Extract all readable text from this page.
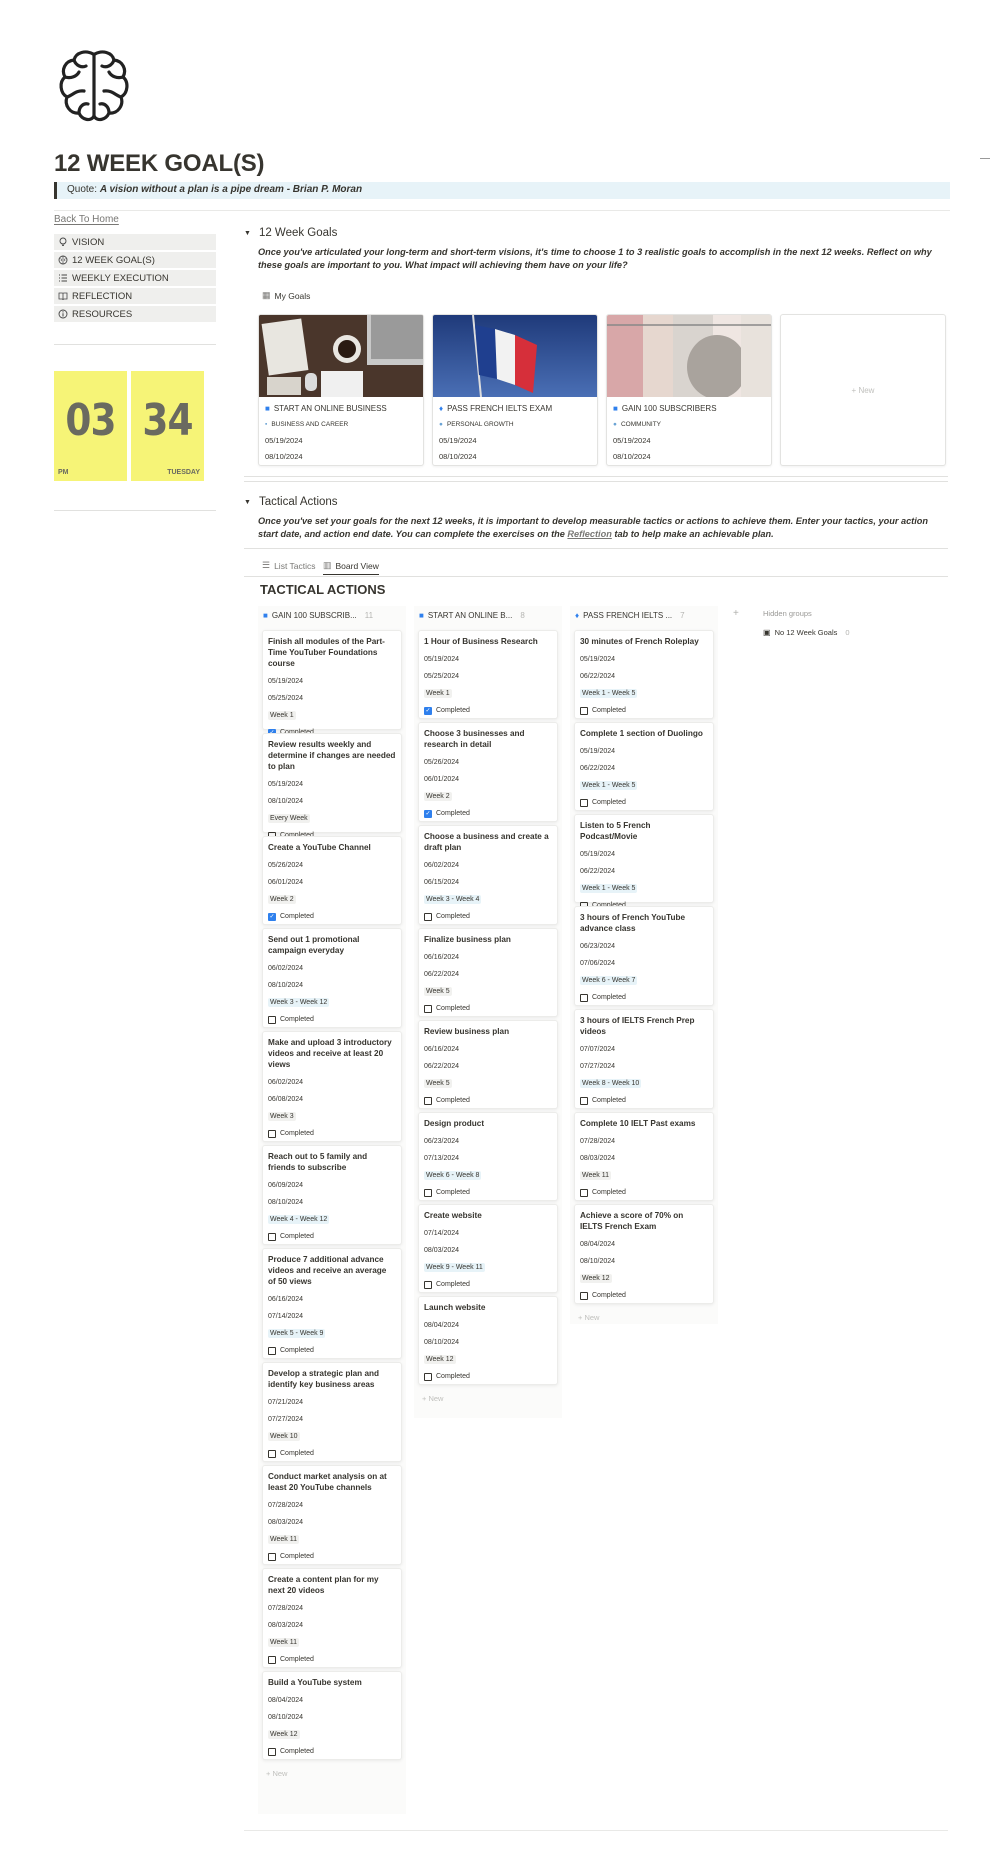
12 WEEK GOAL(S)
Quote: A vision without a plan is a pipe dream - Brian P. Moran
Back To Home
VISION
12 WEEK GOAL(S)
WEEKLY EXECUTION
REFLECTION
RESOURCES
03
PM
34
TUESDAY
▼ 12 Week Goals
Once you've articulated your long-term and short-term visions, it's time to choose 1 to 3 realistic goals to accomplish in the next 12 weeks. Reflect on why these goals are important to you. What impact will achieving them have on your life?
▦ My Goals
■ START AN ONLINE BUSINESS
▪ BUSINESS AND CAREER
05/19/2024
08/10/2024
♦ PASS FRENCH IELTS EXAM
● PERSONAL GROWTH
05/19/2024
08/10/2024
■ GAIN 100 SUBSCRIBERS
● COMMUNITY
05/19/2024
08/10/2024
+ New
▼ Tactical Actions
Once you've set your goals for the next 12 weeks, it is important to develop measurable tactics or actions to achieve them. Enter your tactics, your action start date, and action end date. You can complete the exercises on the Reflection tab to help make an achievable plan.
☰ List Tactics ▥ Board View
TACTICAL ACTIONS
■ GAIN 100 SUBSCRIB... 11	■ START AN ONLINE B... 8	♦ PASS FRENCH IELTS ... 7	+	Hidden groups
▣ No 12 Week Goals 0
Finish all modules of the Part-Time YouTuber Foundations course
05/19/2024
05/25/2024
Week 1
Review results weekly and determine if changes are needed to plan
05/19/2024
08/10/2024
Every Week
Create a YouTube Channel
05/26/2024
06/01/2024
Week 2
✓ Completed
Send out 1 promotional campaign everyday
06/02/2024
08/10/2024
Week 3 - Week 12
Completed
Make and upload 3 introductory videos and receive at least 20 views
06/02/2024
06/08/2024
Week 3
Completed
Reach out to 5 family and friends to subscribe
06/09/2024
08/10/2024
Week 4 - Week 12
Completed
Produce 7 additional advance videos and receive an average of 50 views
06/16/2024
07/14/2024
Week 5 - Week 9
Completed
Develop a strategic plan and identify key business areas
07/21/2024
07/27/2024
Week 10
Completed
Conduct market analysis on at least 20 YouTube channels
07/28/2024
08/03/2024
Week 11
Completed
Create a content plan for my next 20 videos
07/28/2024
08/03/2024
Week 11
Completed
Build a YouTube system
08/04/2024
08/10/2024
Week 12
Completed
+ New
1 Hour of Business Research
05/19/2024
05/25/2024
Week 1
✓ Completed
Choose 3 businesses and research in detail
05/26/2024
06/01/2024
Week 2
✓ Completed
Choose a business and create a draft plan
06/02/2024
06/15/2024
Week 3 - Week 4
Completed
Finalize business plan
06/16/2024
06/22/2024
Week 5
Completed
Review business plan
06/16/2024
06/22/2024
Week 5
Completed
Design product
06/23/2024
07/13/2024
Week 6 - Week 8
Completed
Create website
07/14/2024
08/03/2024
Week 9 - Week 11
Completed
Launch website
08/04/2024
08/10/2024
Week 12
Completed
+ New
30 minutes of French Roleplay
05/19/2024
06/22/2024
Week 1 - Week 5
Completed
Complete 1 section of Duolingo
05/19/2024
06/22/2024
Week 1 - Week 5
Completed
Listen to 5 French Podcast/Movie
05/19/2024
06/22/2024
Week 1 - Week 5
3 hours of French YouTube advance class
06/23/2024
07/06/2024
Week 6 - Week 7
Completed
3 hours of IELTS French Prep videos
07/07/2024
07/27/2024
Week 8 - Week 10
Completed
Complete 10 IELT Past exams
07/28/2024
08/03/2024
Week 11
Completed
Achieve a score of 70% on IELTS French Exam
08/04/2024
08/10/2024
Week 12
Completed
+ New
